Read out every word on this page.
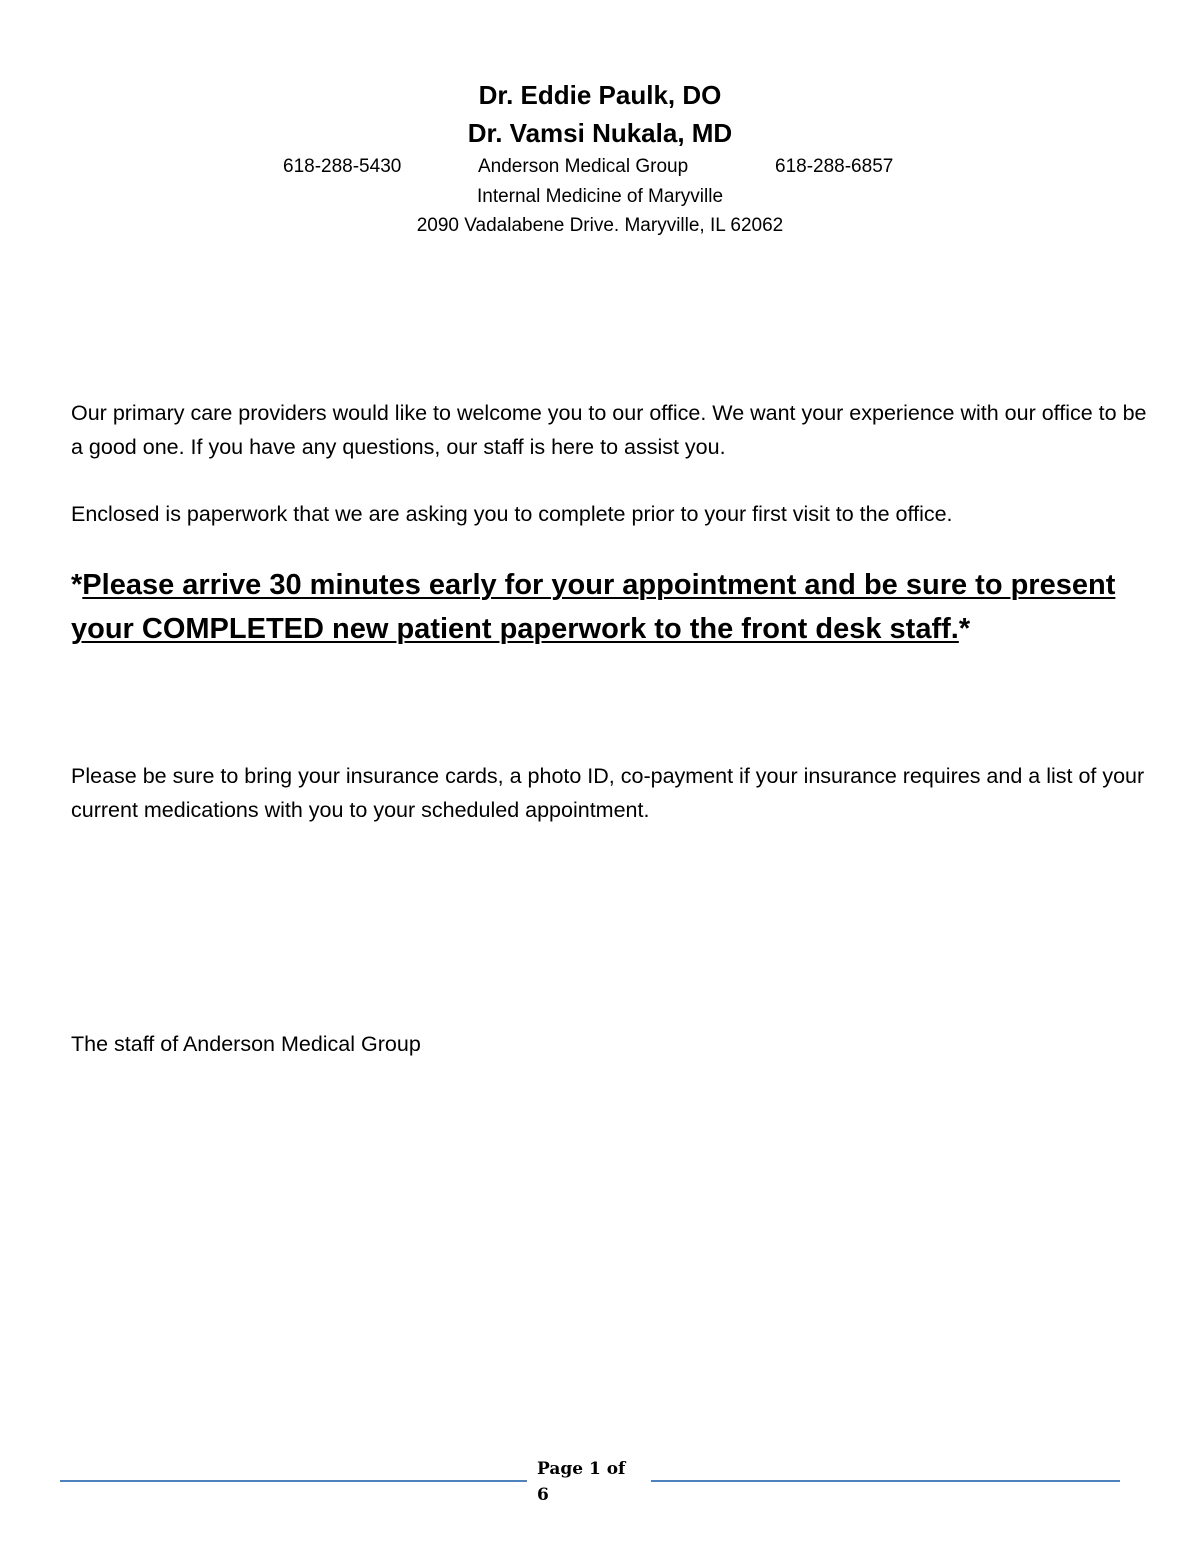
Dr. Eddie Paulk, DO

Dr. Vamsi Nukala, MD

618-288-5430	Anderson Medical Group	618-288-6857

Internal Medicine of Maryville

2090 Vadalabene Drive. Maryville, IL 62062

Our primary care providers would like to welcome you to our office. We want your experience with our office to be a good one. If you have any questions, our staff is here to assist you.

Enclosed is paperwork that we are asking you to complete prior to your first visit to the office.

*Please arrive 30 minutes early for your appointment and be sure to present your COMPLETED new patient paperwork to the front desk staff.*

Please be sure to bring your insurance cards, a photo ID, co-payment if your insurance requires and a list of your current medications with you to your scheduled appointment.

The staff of Anderson Medical Group

Page 1 of 6
